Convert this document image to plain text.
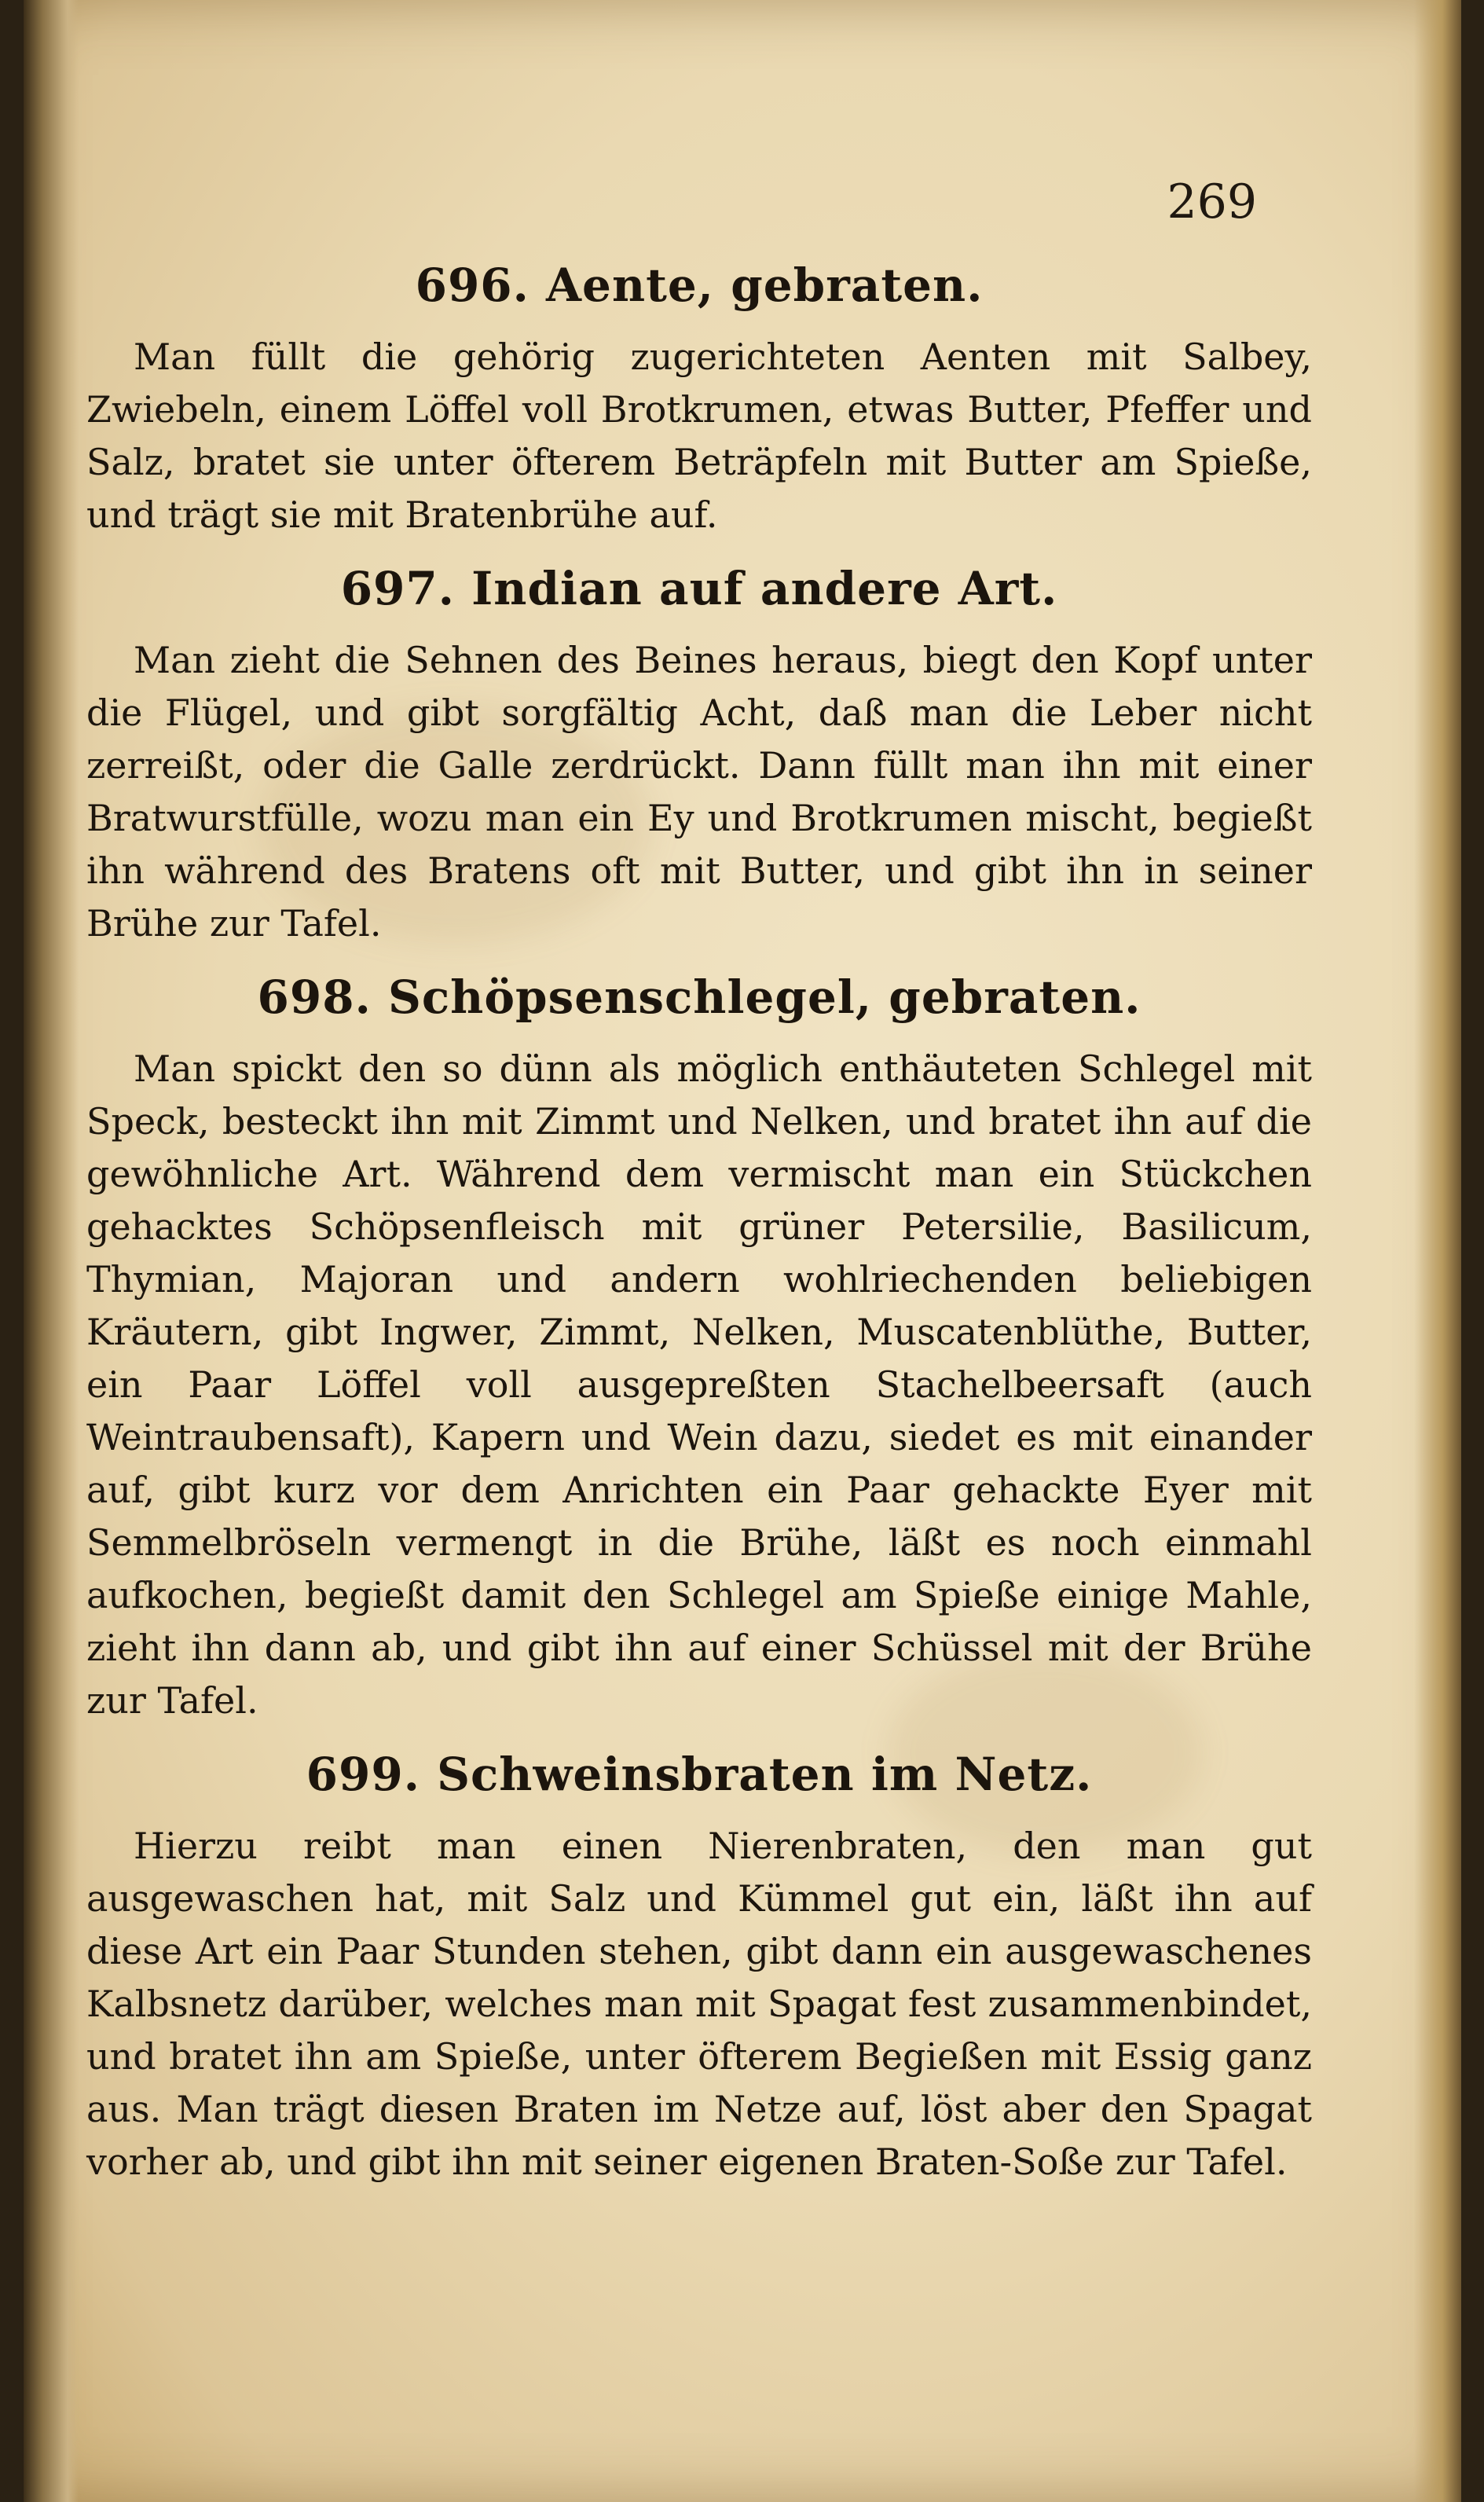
269
696. Aente, gebraten.

Man füllt die gehörig zugerichteten Aenten mit Salbey, Zwiebeln, einem Löffel voll Brotkrumen, etwas Butter, Pfeffer und Salz, bratet sie unter öfterem Beträpfeln mit Butter am Spieße, und trägt sie mit Bratenbrühe auf.

697. Indian auf andere Art.

Man zieht die Sehnen des Beines heraus, biegt den Kopf unter die Flügel, und gibt sorgfältig Acht, daß man die Leber nicht zerreißt, oder die Galle zerdrückt. Dann füllt man ihn mit einer Bratwurstfülle, wozu man ein Ey und Brotkrumen mischt, begießt ihn während des Bratens oft mit Butter, und gibt ihn in seiner Brühe zur Tafel.

698. Schöpsenschlegel, gebraten.

Man spickt den so dünn als möglich enthäuteten Schlegel mit Speck, besteckt ihn mit Zimmt und Nelken, und bratet ihn auf die gewöhnliche Art. Während dem vermischt man ein Stückchen gehacktes Schöpsenfleisch mit grüner Petersilie, Basilicum, Thymian, Majoran und andern wohlriechenden beliebigen Kräutern, gibt Ingwer, Zimmt, Nelken, Muscatenblüthe, Butter, ein Paar Löffel voll ausgepreßten Stachelbeersaft (auch Weintraubensaft), Kapern und Wein dazu, siedet es mit einander auf, gibt kurz vor dem Anrichten ein Paar gehackte Eyer mit Semmelbröseln vermengt in die Brühe, läßt es noch einmahl aufkochen, begießt damit den Schlegel am Spieße einige Mahle, zieht ihn dann ab, und gibt ihn auf einer Schüssel mit der Brühe zur Tafel.

699. Schweinsbraten im Netz.

Hierzu reibt man einen Nierenbraten, den man gut ausgewaschen hat, mit Salz und Kümmel gut ein, läßt ihn auf diese Art ein Paar Stunden stehen, gibt dann ein ausgewaschenes Kalbsnetz darüber, welches man mit Spagat fest zusammenbindet, und bratet ihn am Spieße, unter öfterem Begießen mit Essig ganz aus. Man trägt diesen Braten im Netze auf, löst aber den Spagat vorher ab, und gibt ihn mit seiner eigenen Braten-Soße zur Tafel.
